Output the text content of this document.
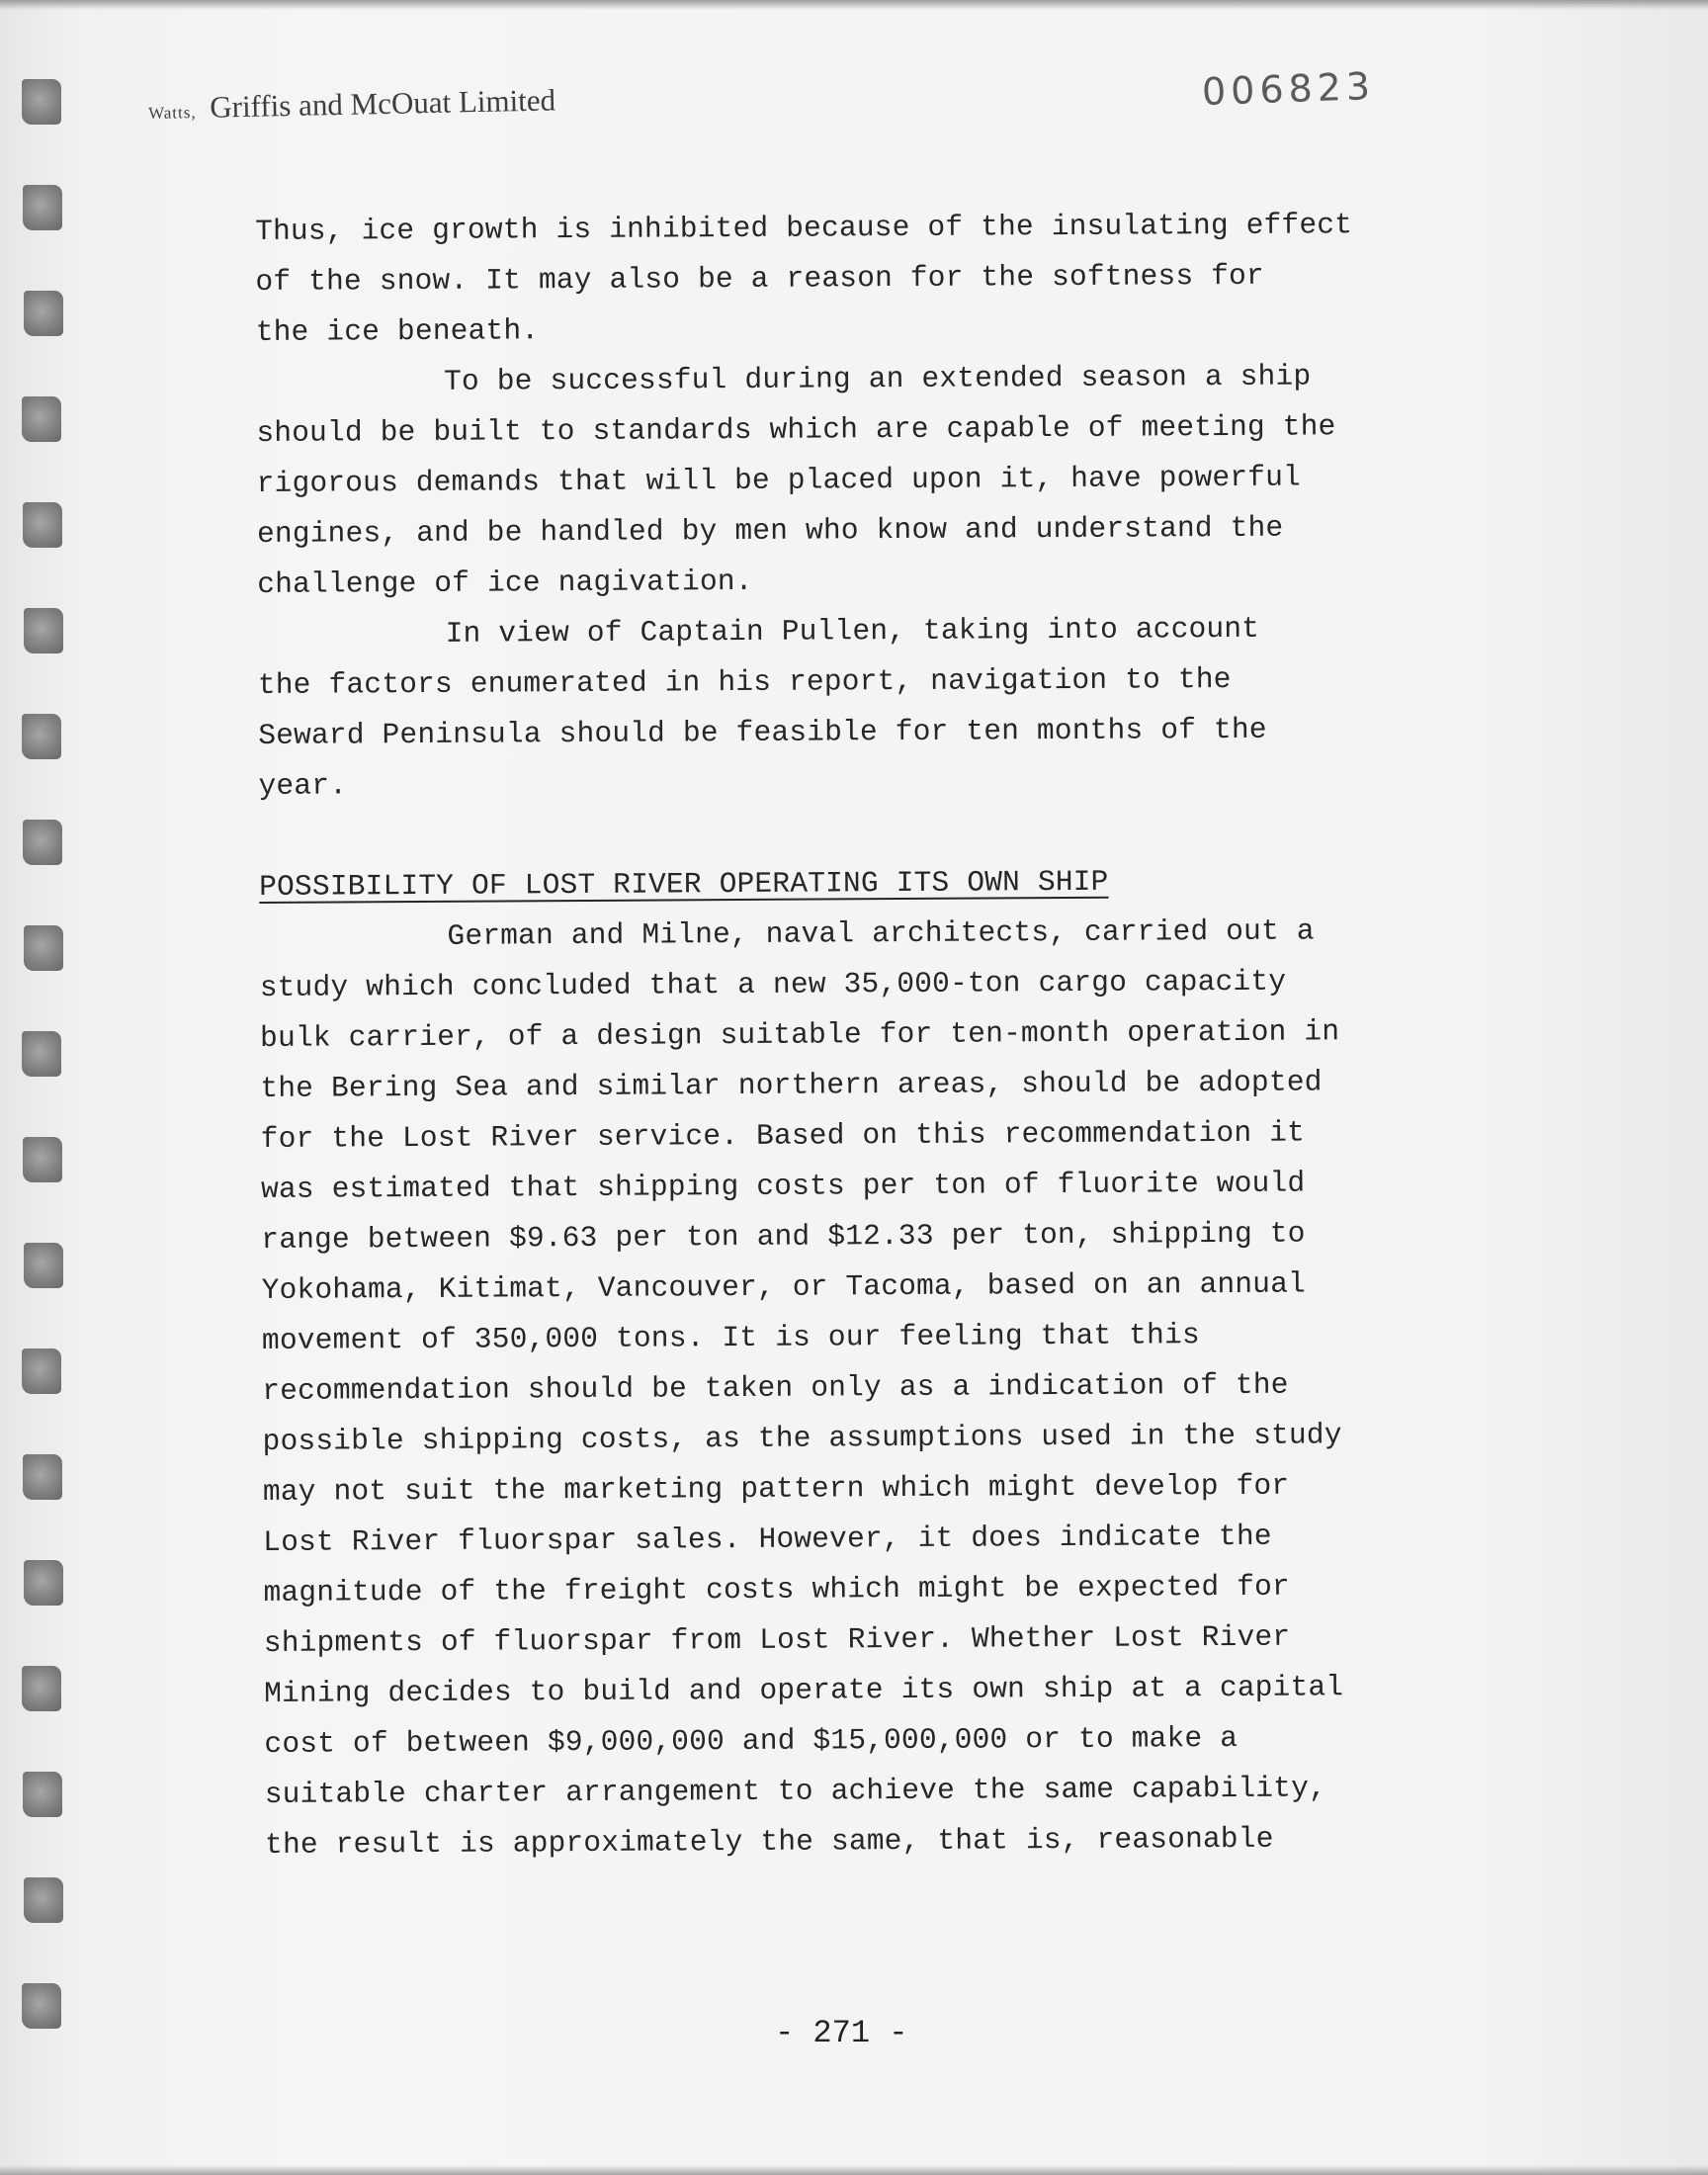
Watts, Griffis and McOuat Limited	006823
Thus, ice growth is inhibited because of the insulating effect
of the snow. It may also be a reason for the softness for
the ice beneath.
To be successful during an extended season a ship
should be built to standards which are capable of meeting the
rigorous demands that will be placed upon it, have powerful
engines, and be handled by men who know and understand the
challenge of ice nagivation.
In view of Captain Pullen, taking into account
the factors enumerated in his report, navigation to the
Seward Peninsula should be feasible for ten months of the
year.
POSSIBILITY OF LOST RIVER OPERATING ITS OWN SHIP
German and Milne, naval architects, carried out a
study which concluded that a new 35,000-ton cargo capacity
bulk carrier, of a design suitable for ten-month operation in
the Bering Sea and similar northern areas, should be adopted
for the Lost River service. Based on this recommendation it
was estimated that shipping costs per ton of fluorite would
range between $9.63 per ton and $12.33 per ton, shipping to
Yokohama, Kitimat, Vancouver, or Tacoma, based on an annual
movement of 350,000 tons. It is our feeling that this
recommendation should be taken only as a indication of the
possible shipping costs, as the assumptions used in the study
may not suit the marketing pattern which might develop for
Lost River fluorspar sales. However, it does indicate the
magnitude of the freight costs which might be expected for
shipments of fluorspar from Lost River. Whether Lost River
Mining decides to build and operate its own ship at a capital
cost of between $9,000,000 and $15,000,000 or to make a
suitable charter arrangement to achieve the same capability,
the result is approximately the same, that is, reasonable
- 271 -
